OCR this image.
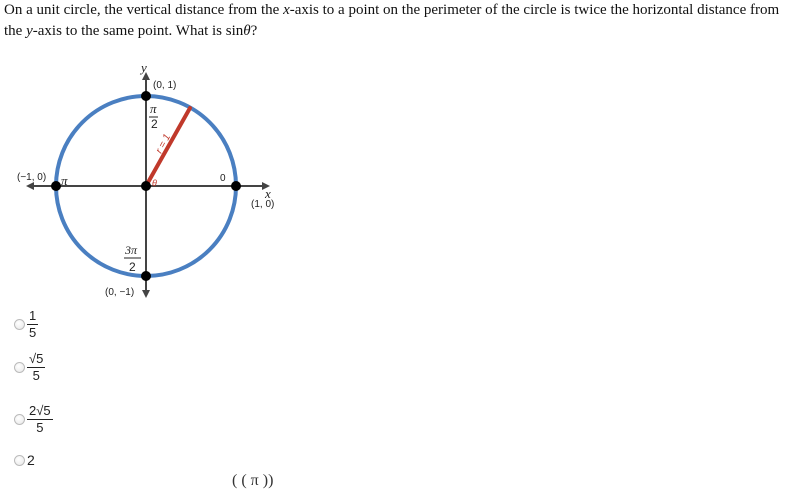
On a unit circle, the vertical distance from the x-axis to a point on the perimeter of the circle is twice the horizontal distance from the y-axis to the same point. What is sinθ?
r = 1
y
x
(0, 1)
(−1, 0)
(1, 0)
(0, −1)
π	0
π
2
3π
2
θ
$\frac{1}{5}$
$\frac{√5}{5}$
$\frac{2√5}{5}$
2
( ( π ))
